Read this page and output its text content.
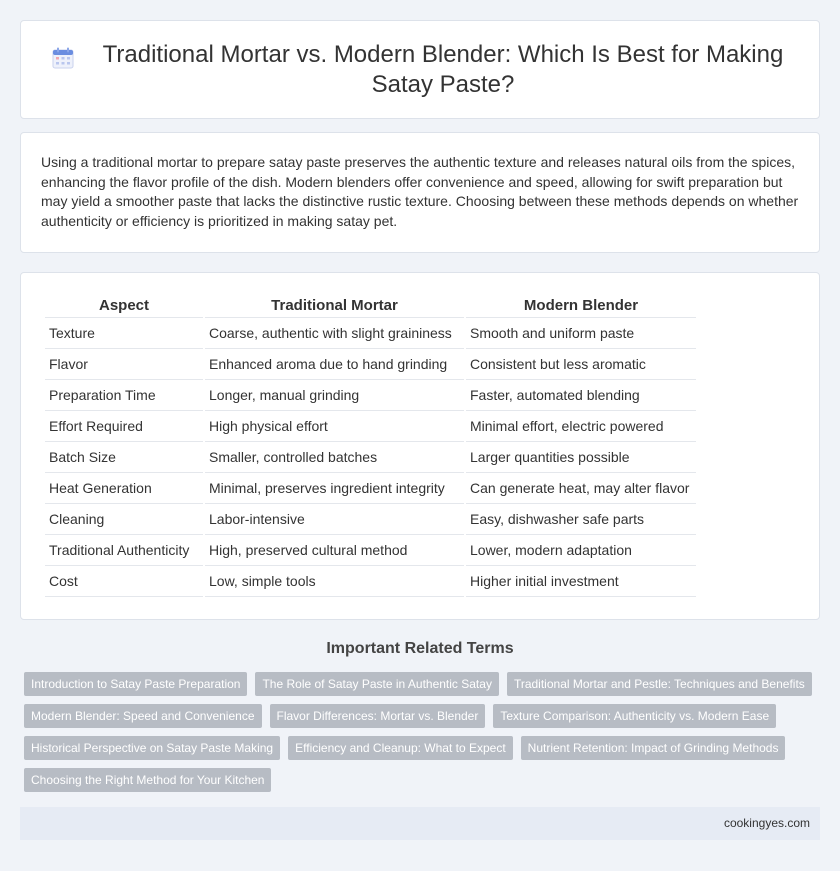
Traditional Mortar vs. Modern Blender: Which Is Best for Making Satay Paste?

Using a traditional mortar to prepare satay paste preserves the authentic texture and releases natural oils from the spices, enhancing the flavor profile of the dish. Modern blenders offer convenience and speed, allowing for swift preparation but may yield a smoother paste that lacks the distinctive rustic texture. Choosing between these methods depends on whether authenticity or efficiency is prioritized in making satay pet.

Aspect	Traditional Mortar	Modern Blender
Texture	Coarse, authentic with slight graininess	Smooth and uniform paste
Flavor	Enhanced aroma due to hand grinding	Consistent but less aromatic
Preparation Time	Longer, manual grinding	Faster, automated blending
Effort Required	High physical effort	Minimal effort, electric powered
Batch Size	Smaller, controlled batches	Larger quantities possible
Heat Generation	Minimal, preserves ingredient integrity	Can generate heat, may alter flavor
Cleaning	Labor-intensive	Easy, dishwasher safe parts
Traditional Authenticity	High, preserved cultural method	Lower, modern adaptation
Cost	Low, simple tools	Higher initial investment
Important Related Terms
Introduction to Satay Paste Preparation	The Role of Satay Paste in Authentic Satay	Traditional Mortar and Pestle: Techniques and Benefits
Modern Blender: Speed and Convenience	Flavor Differences: Mortar vs. Blender	Texture Comparison: Authenticity vs. Modern Ease
Historical Perspective on Satay Paste Making	Efficiency and Cleanup: What to Expect	Nutrient Retention: Impact of Grinding Methods
Choosing the Right Method for Your Kitchen
cookingyes.com
